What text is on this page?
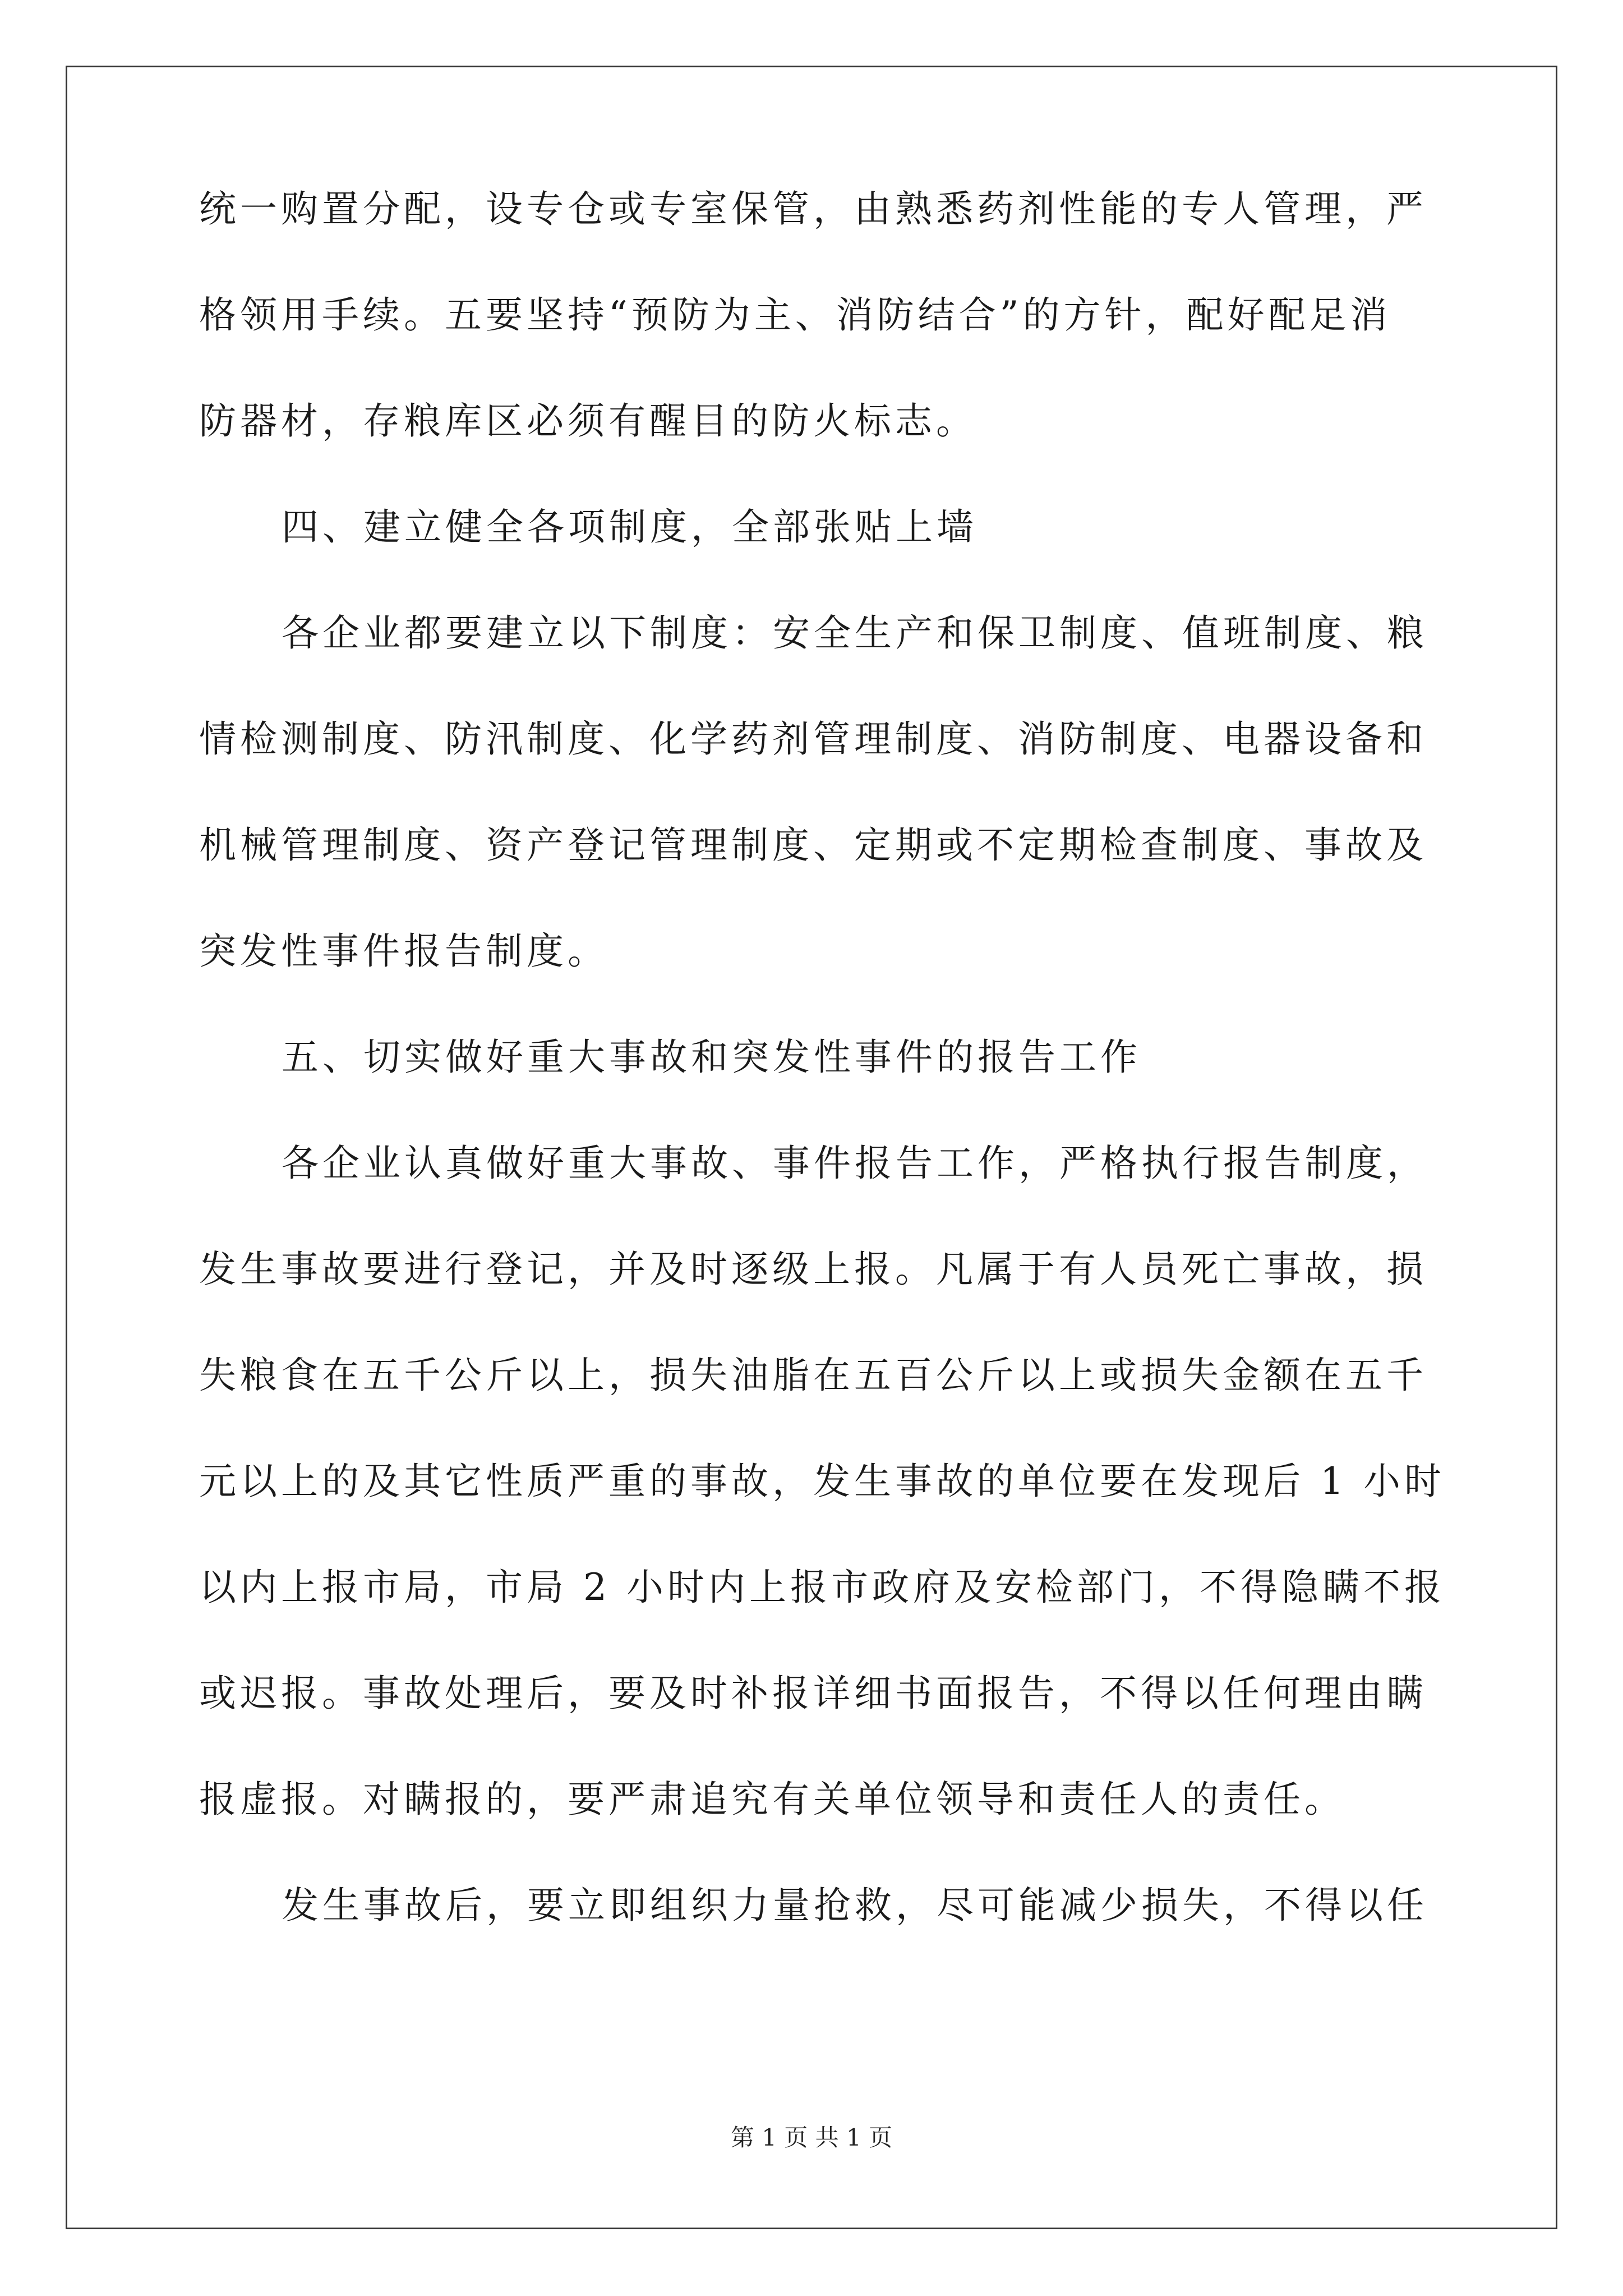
统一购置分配，设专仓或专室保管，由熟悉药剂性能的专人管理，严
格领用手续。五要坚持“预防为主、消防结合”的方针，配好配足消
防器材，存粮库区必须有醒目的防火标志。
四、建立健全各项制度，全部张贴上墙
各企业都要建立以下制度：安全生产和保卫制度、值班制度、粮
情检测制度、防汛制度、化学药剂管理制度、消防制度、电器设备和
机械管理制度、资产登记管理制度、定期或不定期检查制度、事故及
突发性事件报告制度。
五、切实做好重大事故和突发性事件的报告工作
各企业认真做好重大事故、事件报告工作，严格执行报告制度，
发生事故要进行登记，并及时逐级上报。凡属于有人员死亡事故，损
失粮食在五千公斤以上，损失油脂在五百公斤以上或损失金额在五千
元以上的及其它性质严重的事故，发生事故的单位要在发现后 1 小时
以内上报市局，市局 2 小时内上报市政府及安检部门，不得隐瞒不报
或迟报。事故处理后，要及时补报详细书面报告，不得以任何理由瞒
报虚报。对瞒报的，要严肃追究有关单位领导和责任人的责任。
发生事故后，要立即组织力量抢救，尽可能减少损失，不得以任
第 1 页 共 1 页
